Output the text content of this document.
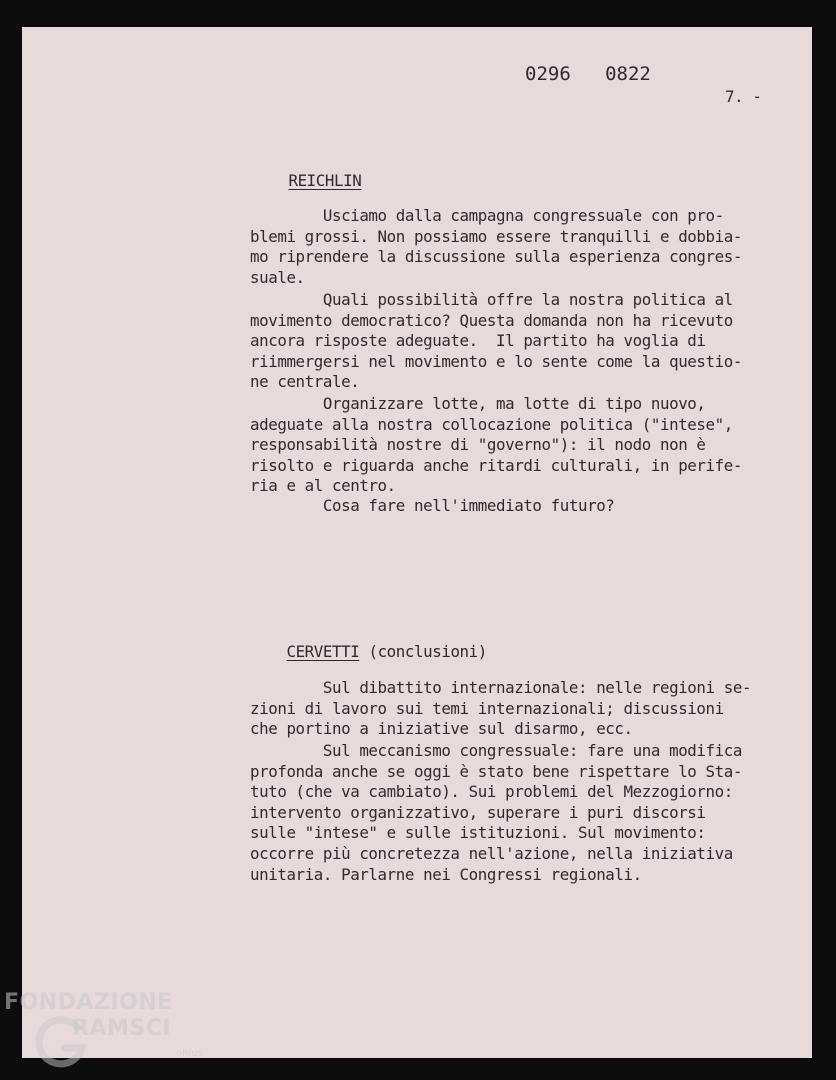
0296   0822
7. -

REICHLIN

Usciamo dalla campagna congressuale con pro-
blemi grossi. Non possiamo essere tranquilli e dobbia-
mo riprendere la discussione sulla esperienza congres-
suale.
Quali possibilità offre la nostra politica al
movimento democratico? Questa domanda non ha ricevuto
ancora risposte adeguate.  Il partito ha voglia di
riimmergersi nel movimento e lo sente come la questio-
ne centrale.
Organizzare lotte, ma lotte di tipo nuovo,
adeguate alla nostra collocazione politica ("intese",
responsabilità nostre di "governo"): il nodo non è
risolto e riguarda anche ritardi culturali, in perife-
ria e al centro.
Cosa fare nell'immediato futuro?

CERVETTI (conclusioni)

Sul dibattito internazionale: nelle regioni se-
zioni di lavoro sui temi internazionali; discussioni
che portino a iniziative sul disarmo, ecc.
Sul meccanismo congressuale: fare una modifica
profonda anche se oggi è stato bene rispettare lo Sta-
tuto (che va cambiato). Sui problemi del Mezzogiorno:
intervento organizzativo, superare i puri discorsi
sulle "intese" e sulle istituzioni. Sul movimento:
occorre più concretezza nell'azione, nella iniziativa
unitaria. Parlarne nei Congressi regionali.
FONDAZIONE
RAMSCI
onlus
